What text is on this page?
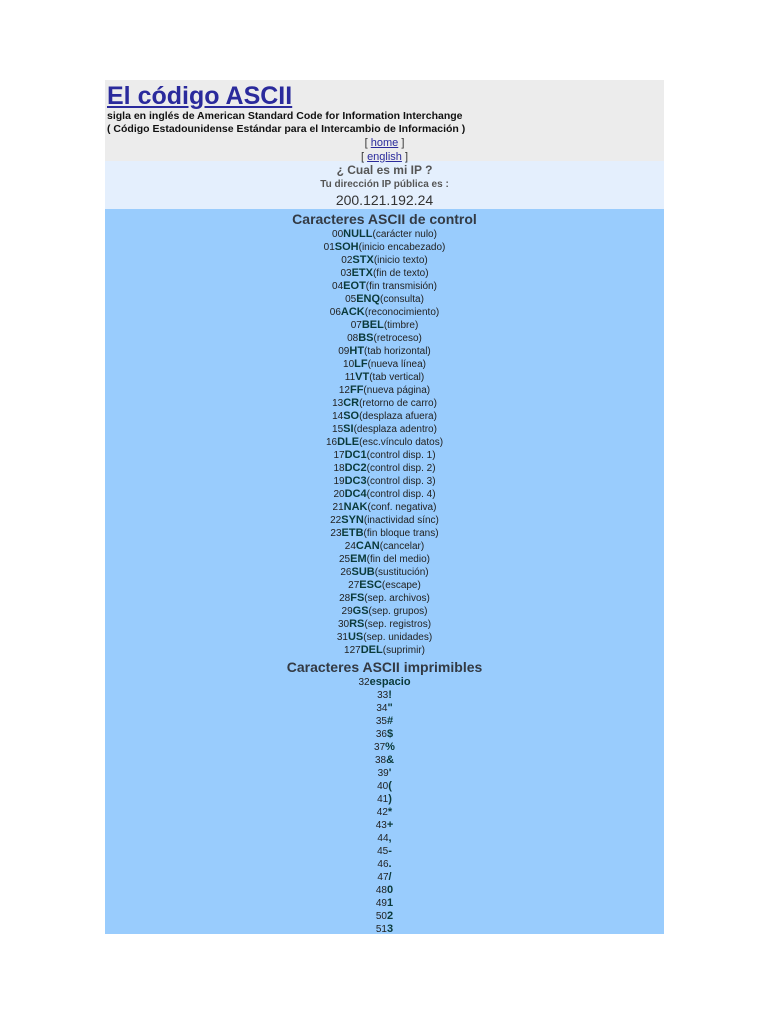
El código ASCII
sigla en inglés de American Standard Code for Information Interchange
( Código Estadounidense Estándar para el Intercambio de Información )
[ home ]
[ english ]
¿ Cual es mi IP ?
Tu dirección IP pública es :
200.121.192.24
Caracteres ASCII de control
00NULL(carácter nulo)
01SOH(inicio encabezado)
02STX(inicio texto)
03ETX(fin de texto)
04EOT(fin transmisión)
05ENQ(consulta)
06ACK(reconocimiento)
07BEL(timbre)
08BS(retroceso)
09HT(tab horizontal)
10LF(nueva línea)
11VT(tab vertical)
12FF(nueva página)
13CR(retorno de carro)
14SO(desplaza afuera)
15SI(desplaza adentro)
16DLE(esc.vínculo datos)
17DC1(control disp. 1)
18DC2(control disp. 2)
19DC3(control disp. 3)
20DC4(control disp. 4)
21NAK(conf. negativa)
22SYN(inactividad sínc)
23ETB(fin bloque trans)
24CAN(cancelar)
25EM(fin del medio)
26SUB(sustitución)
27ESC(escape)
28FS(sep. archivos)
29GS(sep. grupos)
30RS(sep. registros)
31US(sep. unidades)
127DEL(suprimir)
Caracteres ASCII imprimibles
32espacio
33!
34"
35#
36$
37%
38&
39'
40(
41)
42*
43+
44,
45-
46.
47/
480
491
502
513
